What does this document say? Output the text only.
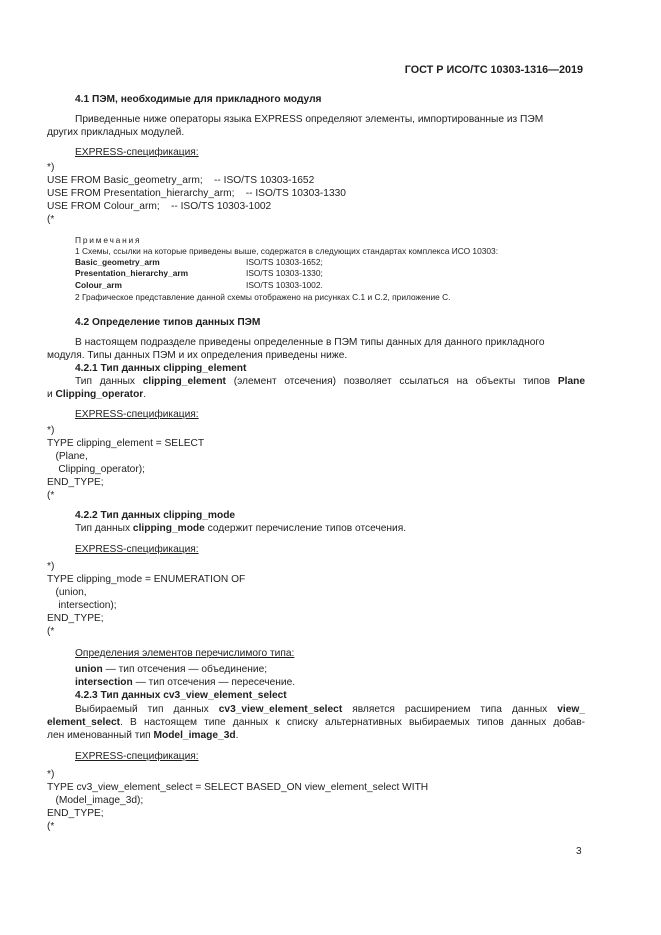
ГОСТ Р ИСО/ТС 10303-1316—2019
4.1 ПЭМ, необходимые для прикладного модуля
Приведенные ниже операторы языка EXPRESS определяют элементы, импортированные из ПЭМ
других прикладных модулей.
EXPRESS-спецификация:
*)
USE FROM Basic_geometry_arm;    -- ISO/TS 10303-1652
USE FROM Presentation_hierarchy_arm;    -- ISO/TS 10303-1330
USE FROM Colour_arm;    -- ISO/TS 10303-1002
(*
Примечания
1 Схемы, ссылки на которые приведены выше, содержатся в следующих стандартах комплекса ИСО 10303:
Basic_geometry_arm	ISO/TS 10303-1652;
Presentation_hierarchy_arm	ISO/TS 10303-1330;
Colour_arm	ISO/TS 10303-1002.
2 Графическое представление данной схемы отображено на рисунках С.1 и С.2, приложение С.
4.2 Определение типов данных ПЭМ
В настоящем подразделе приведены определенные в ПЭМ типы данных для данного прикладного
модуля. Типы данных ПЭМ и их определения приведены ниже.
4.2.1 Тип данных clipping_element
Тип данных clipping_element (элемент отсечения) позволяет ссылаться на объекты типов Plane
и Clipping_operator.
EXPRESS-спецификация:
*)
TYPE clipping_element = SELECT
(Plane,
Clipping_operator);
END_TYPE;
(*
4.2.2 Тип данных clipping_mode
Тип данных clipping_mode содержит перечисление типов отсечения.
EXPRESS-спецификация:
*)
TYPE clipping_mode = ENUMERATION OF
(union,
intersection);
END_TYPE;
(*
Определения элементов перечислимого типа:
union — тип отсечения — объединение;
intersection — тип отсечения — пересечение.
4.2.3 Тип данных cv3_view_element_select
Выбираемый тип данных cv3_view_element_select является расширением типа данных view_
element_select. В настоящем типе данных к списку альтернативных выбираемых типов данных добав-
лен именованный тип Model_image_3d.
EXPRESS-спецификация:
*)
TYPE cv3_view_element_select = SELECT BASED_ON view_element_select WITH
(Model_image_3d);
END_TYPE;
(*
3
